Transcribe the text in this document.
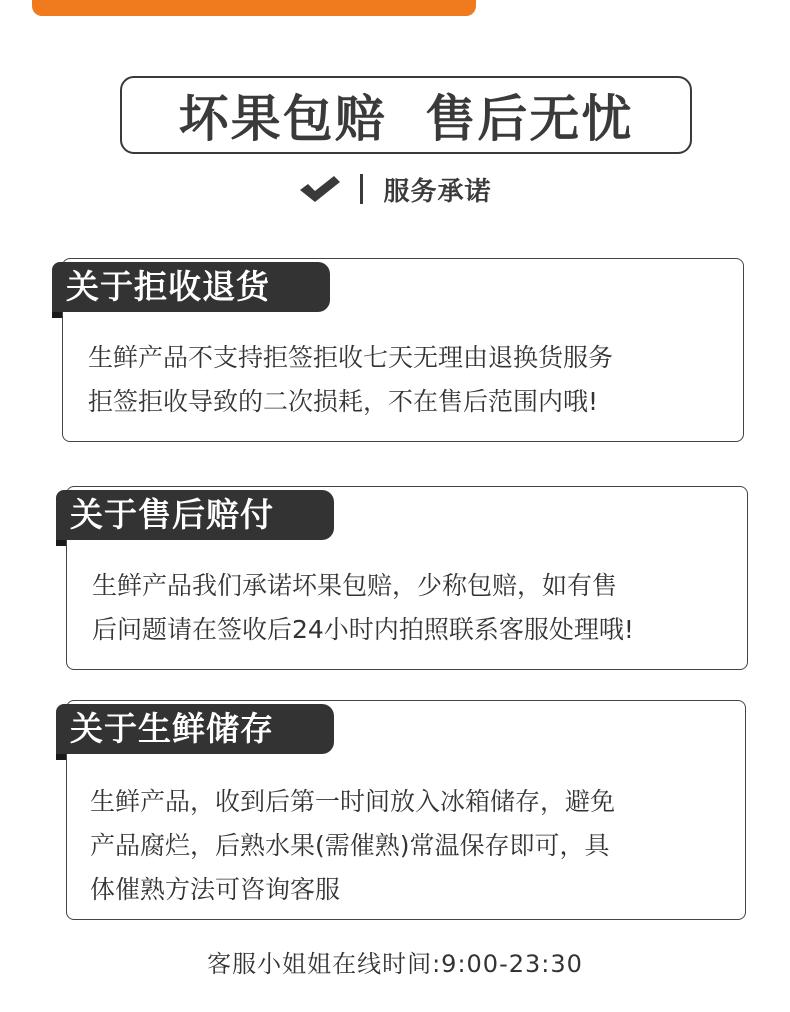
坏果包赔  售后无忧
服务承诺
关于拒收退货
生鲜产品不支持拒签拒收七天无理由退换货服务
拒签拒收导致的二次损耗，不在售后范围内哦!
关于售后赔付
生鲜产品我们承诺坏果包赔，少称包赔，如有售
后问题请在签收后24小时内拍照联系客服处理哦!
关于生鲜储存
生鲜产品，收到后第一时间放入冰箱储存，避免
产品腐烂，后熟水果(需催熟)常温保存即可，具
体催熟方法可咨询客服
客服小姐姐在线时间:9:00-23:30
